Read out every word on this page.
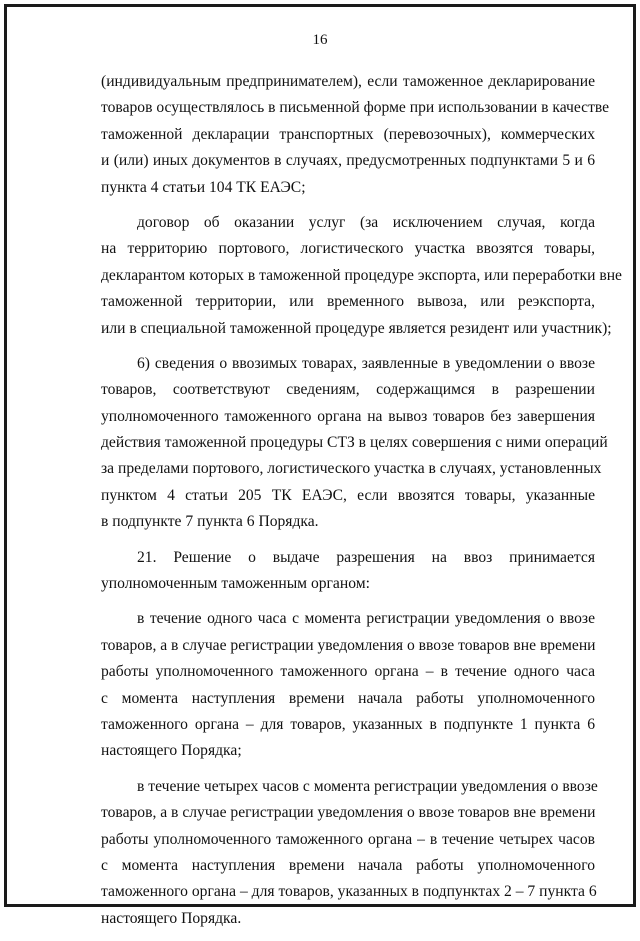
16
(индивидуальным предпринимателем), если таможенное декларирование
товаров осуществлялось в письменной форме при использовании в качестве
таможенной декларации транспортных (перевозочных), коммерческих
и (или) иных документов в случаях, предусмотренных подпунктами 5 и 6
пункта 4 статьи 104 ТК ЕАЭС;
договор об оказании услуг (за исключением случая, когда
на территорию портового, логистического участка ввозятся товары,
декларантом которых в таможенной процедуре экспорта, или переработки вне
таможенной территории, или временного вывоза, или реэкспорта,
или в специальной таможенной процедуре является резидент или участник);
6) сведения о ввозимых товарах, заявленные в уведомлении о ввозе
товаров, соответствуют сведениям, содержащимся в разрешении
уполномоченного таможенного органа на вывоз товаров без завершения
действия таможенной процедуры СТЗ в целях совершения с ними операций
за пределами портового, логистического участка в случаях, установленных
пунктом 4 статьи 205 ТК ЕАЭС, если ввозятся товары, указанные
в подпункте 7 пункта 6 Порядка.
21. Решение о выдаче разрешения на ввоз принимается
уполномоченным таможенным органом:
в течение одного часа с момента регистрации уведомления о ввозе
товаров, а в случае регистрации уведомления о ввозе товаров вне времени
работы уполномоченного таможенного органа – в течение одного часа
с момента наступления времени начала работы уполномоченного
таможенного органа – для товаров, указанных в подпункте 1 пункта 6
настоящего Порядка;
в течение четырех часов с момента регистрации уведомления о ввозе
товаров, а в случае регистрации уведомления о ввозе товаров вне времени
работы уполномоченного таможенного органа – в течение четырех часов
с момента наступления времени начала работы уполномоченного
таможенного органа – для товаров, указанных в подпунктах 2 – 7 пункта 6
настоящего Порядка.
